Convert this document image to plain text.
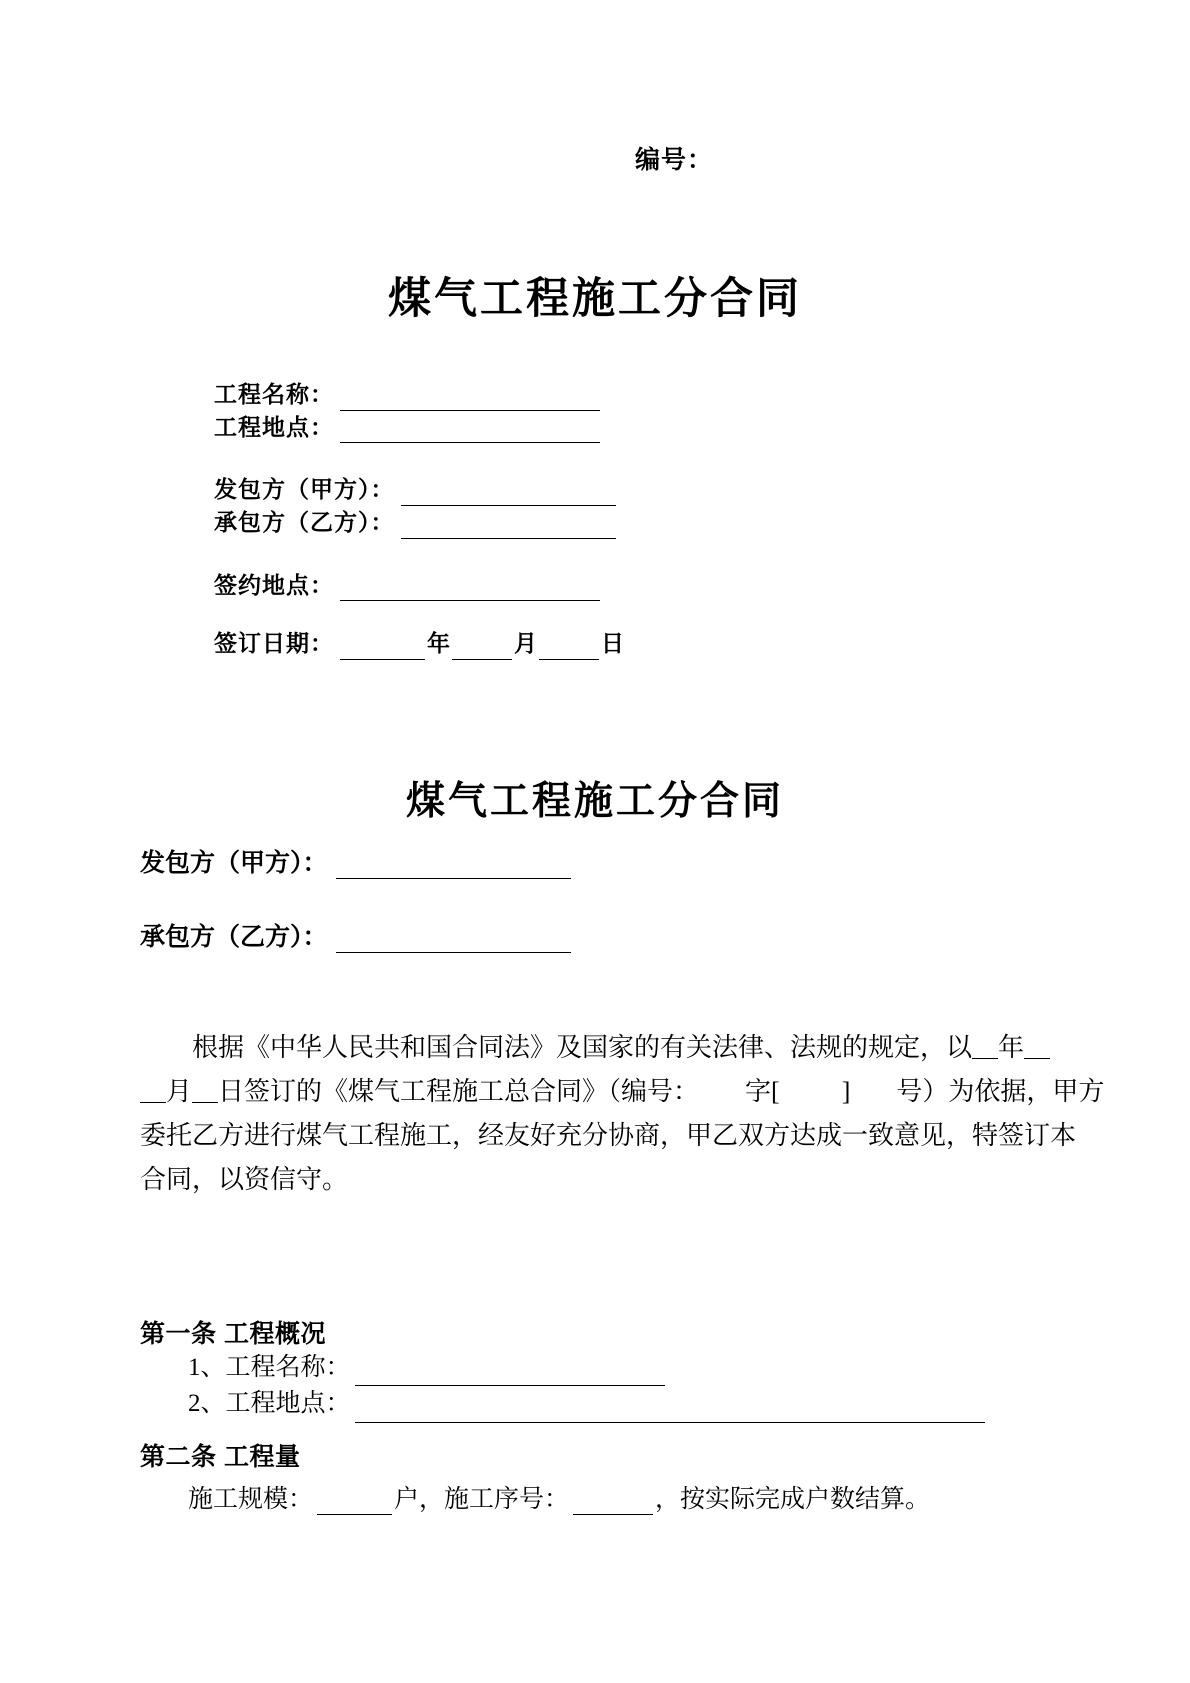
编号：
煤气工程施工分合同
工程名称：
工程地点：
发包方（甲方）：
承包方（乙方）：
签约地点：
签订日期：	年	月	日
煤气工程施工分合同
发包方（甲方）：
承包方（乙方）：
根据《中华人民共和国合同法》及国家的有关法律、法规的规定，以 年
月 日签订的《煤气工程施工总合同》（编号： 字[ ] 号）为依据，甲方
委托乙方进行煤气工程施工，经友好充分协商，甲乙双方达成一致意见，特签订本
合同，以资信守。
第一条 工程概况
1、工程名称：
2、工程地点：
第二条 工程量
施工规模：	户，施工序号：	，按实际完成户数结算。
